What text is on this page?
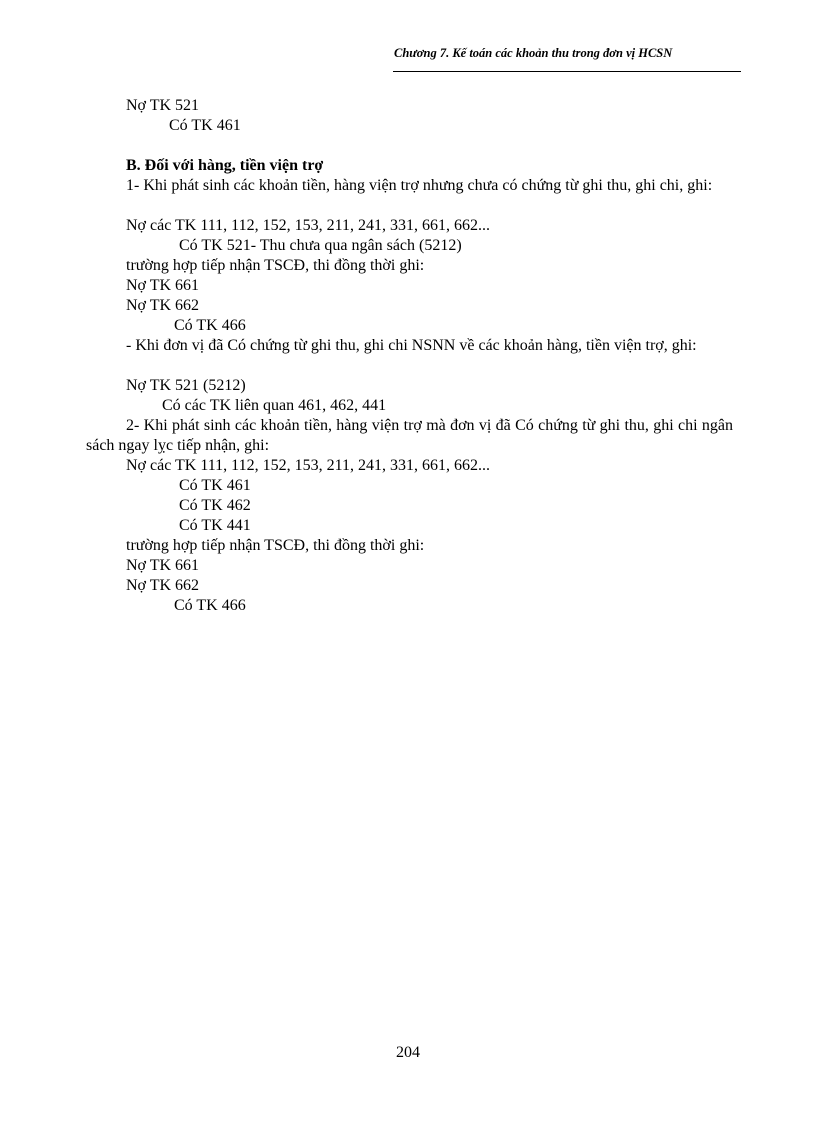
Chương 7. Kế toán các khoản thu trong đơn vị HCSN
Nợ TK 521
Có TK 461
B. Đối với hàng, tiền viện trợ
1- Khi phát sinh các khoản tiền, hàng viện trợ nhưng chưa có chứng từ ghi thu, ghi chi, ghi:
Nợ các TK 111, 112, 152, 153, 211, 241, 331, 661, 662...
Có TK 521- Thu chưa qua ngân sách (5212)
trường hợp tiếp nhận TSCĐ, thi đồng thời ghi:
Nợ TK 661
Nợ TK 662
Có TK 466
- Khi đơn vị đã Có chứng từ ghi thu, ghi chi NSNN về các khoản hàng, tiền viện trợ, ghi:
Nợ TK 521 (5212)
Có các TK liên quan 461, 462, 441
2- Khi phát sinh các khoản tiền, hàng viện trợ mà đơn vị đã Có chứng từ ghi thu, ghi chi ngân sách ngay lỵc tiếp nhận, ghi:
Nợ các TK 111, 112, 152, 153, 211, 241, 331, 661, 662...
Có TK 461
Có TK 462
Có TK 441
trường hợp tiếp nhận TSCĐ, thi đồng thời ghi:
Nợ TK 661
Nợ TK 662
Có TK 466
204
